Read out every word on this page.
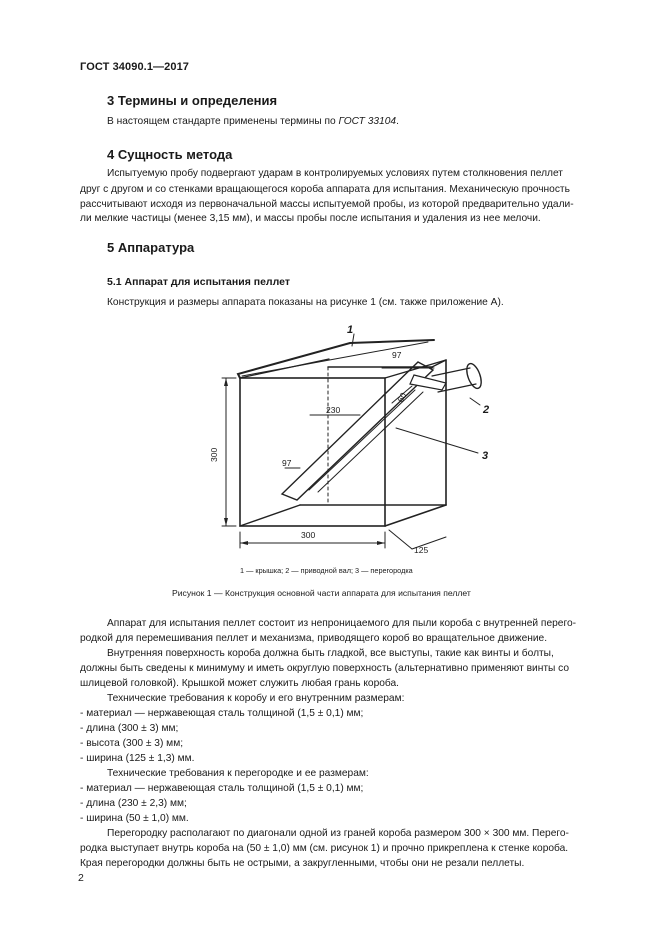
ГОСТ 34090.1—2017
3 Термины и определения
В настоящем стандарте применены термины по ГОСТ 33104.
4 Сущность метода
Испытуемую пробу подвергают ударам в контролируемых условиях путем столкновения пеллет
друг с другом и со стенками вращающегося короба аппарата для испытания. Механическую прочность
рассчитывают исходя из первоначальной массы испытуемой пробы, из которой предварительно удали-
ли мелкие частицы (менее 3,15 мм), и массы пробы после испытания и удаления из нее мелочи.
5 Аппаратура
5.1 Аппарат для испытания пеллет
Конструкция и размеры аппарата показаны на рисунке 1 (см. также приложение А).
300
300
125
97
97
230
60
1
2
3
1 — крышка; 2 — приводной вал; 3 — перегородка
Рисунок 1 — Конструкция основной части аппарата для испытания пеллет
Аппарат для испытания пеллет состоит из непроницаемого для пыли короба с внутренней перего-
родкой для перемешивания пеллет и механизма, приводящего короб во вращательное движение.
Внутренняя поверхность короба должна быть гладкой, все выступы, такие как винты и болты,
должны быть сведены к минимуму и иметь округлую поверхность (альтернативно применяют винты со
шлицевой головкой). Крышкой может служить любая грань короба.
Технические требования к коробу и его внутренним размерам:
- материал — нержавеющая сталь толщиной (1,5 ± 0,1) мм;
- длина (300 ± 3) мм;
- высота (300 ± 3) мм;
- ширина (125 ± 1,3) мм.
Технические требования к перегородке и ее размерам:
- материал — нержавеющая сталь толщиной (1,5 ± 0,1) мм;
- длина (230 ± 2,3) мм;
- ширина (50 ± 1,0) мм.
Перегородку располагают по диагонали одной из граней короба размером 300 × 300 мм. Перего-
родка выступает внутрь короба на (50 ± 1,0) мм (см. рисунок 1) и прочно прикреплена к стенке короба.
Края перегородки должны быть не острыми, а закругленными, чтобы они не резали пеллеты.
2
